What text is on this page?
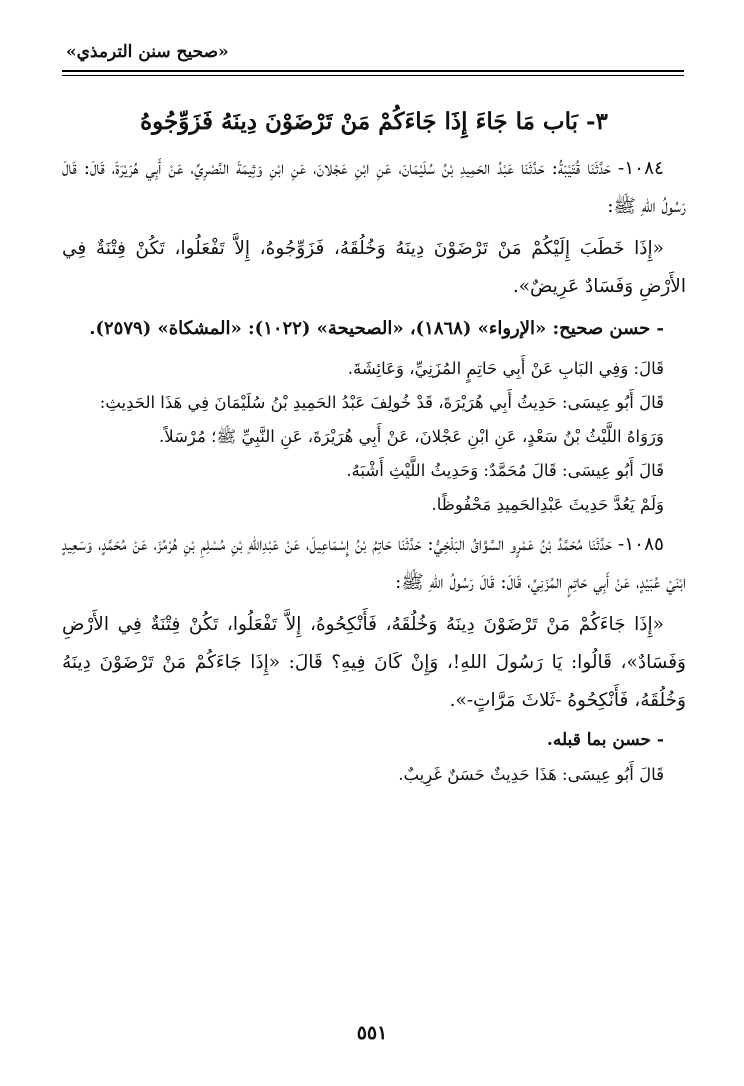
«صحيح سنن الترمذي»
٣- بَاب مَا جَاءَ إِذَا جَاءَكُمْ مَنْ تَرْضَوْنَ دِينَهُ فَزَوِّجُوهُ

١٠٨٤- حَدَّثَنَا قُتَيْبَةُ: حَدَّثَنَا عَبْدُ الحَمِيدِ بْنُ سُلَيْمَانَ، عَنِ ابْنِ عَجْلانَ، عَنِ ابْنِ وَثِيمَةَ النَّصْرِيِّ، عَنْ أَبِي هُرَيْرَةَ، قَالَ: قَالَ رَسُولُ اللهِ ﷺ:

«إِذَا خَطَبَ إِلَيْكُمْ مَنْ تَرْضَوْنَ دِينَهُ وَخُلُقَهُ، فَزَوِّجُوهُ، إِلاَّ تَفْعَلُوا، تَكُنْ فِتْنَةٌ فِي الأَرْضِ وَفَسَادٌ عَرِيضٌ».

- حسن صحيح: «الإرواء» (١٨٦٨)، «الصحيحة» (١٠٢٢): «المشكاة» (٢٥٧٩).

قَالَ: وَفِي البَابِ عَنْ أَبِي حَاتِمٍ المُزَنِيِّ، وَعَائِشَةَ.

قَالَ أَبُو عِيسَى: حَدِيثُ أَبِي هُرَيْرَةَ، قَدْ خُولِفَ عَبْدُ الحَمِيدِ بْنُ سُلَيْمَانَ فِي هَذَا الحَدِيثِ:

وَرَوَاهُ اللَّيْثُ بْنُ سَعْدٍ، عَنِ ابْنِ عَجْلانَ، عَنْ أَبِي هُرَيْرَةَ، عَنِ النَّبِيِّ ﷺ؛ مُرْسَلاً.

قَالَ أَبُو عِيسَى: قَالَ مُحَمَّدٌ: وَحَدِيثُ اللَّيْثِ أَشْبَهُ.

وَلَمْ يَعُدَّ حَدِيثَ عَبْدِالحَمِيدِ مَحْفُوظًا.

١٠٨٥- حَدَّثَنَا مُحَمَّدُ بْنُ عَمْرٍو السَّوَّاقُ البَلْخِيُّ: حَدَّثَنَا حَاتِمُ بْنُ إِسْمَاعِيلَ، عَنْ عَبْدِاللهِ بْنِ مُسْلِمِ بْنِ هُرْمُزَ، عَنْ مُحَمَّدٍ، وَسَعِيدٍ ابْنَيْ عُبَيْدٍ، عَنْ أَبِي حَاتِمٍ المُزَنِيِّ، قَالَ: قَالَ رَسُولُ اللهِ ﷺ:

«إِذَا جَاءَكُمْ مَنْ تَرْضَوْنَ دِينَهُ وَخُلُقَهُ، فَأَنْكِحُوهُ، إِلاَّ تَفْعَلُوا، تَكُنْ فِتْنَةٌ فِي الأَرْضِ وَفَسَادٌ»، قَالُوا: يَا رَسُولَ اللهِ!، وَإِنْ كَانَ فِيهِ؟ قَالَ: «إِذَا جَاءَكُمْ مَنْ تَرْضَوْنَ دِينَهُ وَخُلُقَهُ، فَأَنْكِحُوهُ -ثَلاثَ مَرَّاتٍ-».

- حسن بما قبله.

قَالَ أَبُو عِيسَى: هَذَا حَدِيثٌ حَسَنٌ غَرِيبٌ.

٥٥١
